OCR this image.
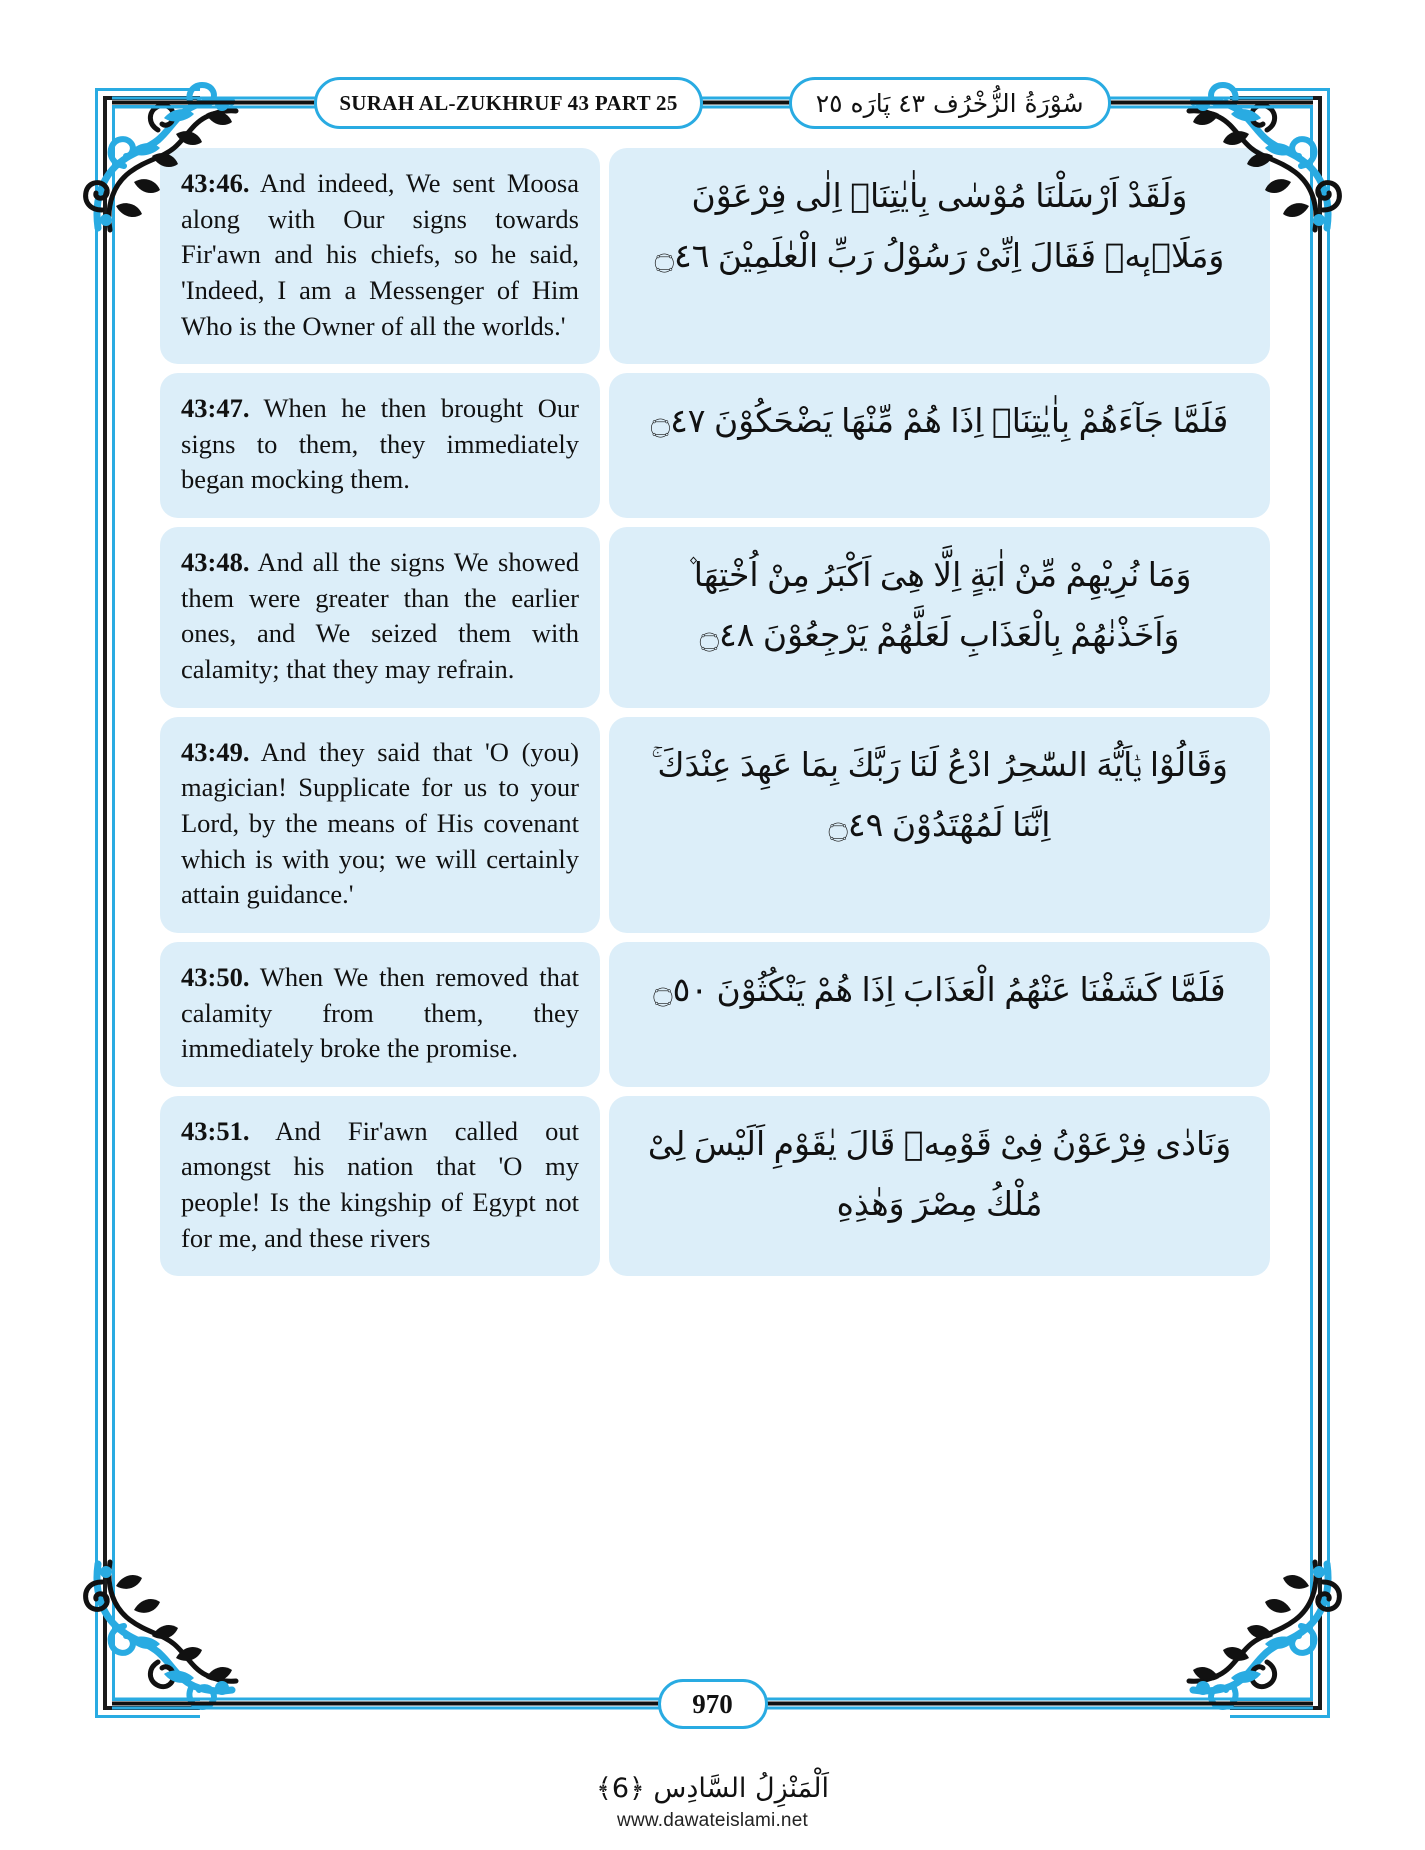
SURAH AL-ZUKHRUF 43 PART 25	سُوْرَةُ الزُّخْرُف ٤٣ پَارَه ٢٥
43:46. And indeed, We sent Moosa along with Our signs towards Fir'awn and his chiefs, so he said, 'Indeed, I am a Messenger of Him Who is the Owner of all the worlds.'
وَلَقَدْ اَرْسَلْنَا مُوْسٰى بِاٰيٰتِنَاۤ اِلٰى فِرْعَوْنَ وَمَلَا۠ىٕهٖ فَقَالَ اِنِّیْ رَسُوْلُ رَبِّ الْعٰلَمِیْنَ ۝٤٦
43:47. When he then brought Our signs to them, they immediately began mocking them.
فَلَمَّا جَآءَهُمْ بِاٰيٰتِنَاۤ اِذَا هُمْ مِّنْهَا يَضْحَكُوْنَ ۝٤٧
43:48. And all the signs We showed them were greater than the earlier ones, and We seized them with calamity; that they may refrain.
وَمَا نُرِيْهِمْ مِّنْ اٰيَةٍ اِلَّا هِیَ اَكْبَرُ مِنْ اُخْتِهَا ۫ وَاَخَذْنٰهُمْ بِالْعَذَابِ لَعَلَّهُمْ يَرْجِعُوْنَ ۝٤٨
43:49. And they said that 'O (you) magician! Supplicate for us to your Lord, by the means of His covenant which is with you; we will certainly attain guidance.'
وَقَالُوْا يٰۤاَيُّهَ السّٰحِرُ ادْعُ لَنَا رَبَّكَ بِمَا عَهِدَ عِنْدَكَ ۚ اِنَّنَا لَمُهْتَدُوْنَ ۝٤٩
43:50. When We then removed that calamity from them, they immediately broke the promise.
فَلَمَّا كَشَفْنَا عَنْهُمُ الْعَذَابَ اِذَا هُمْ يَنْكُثُوْنَ ۝٥٠
43:51. And Fir'awn called out amongst his nation that 'O my people! Is the kingship of Egypt not for me, and these rivers
وَنَادٰى فِرْعَوْنُ فِیْ قَوْمِهٖ قَالَ يٰقَوْمِ اَلَيْسَ لِیْ مُلْكُ مِصْرَ وَهٰذِهِ
970
اَلْمَنْزِلُ السَّادِس ﴿6﴾
www.dawateislami.net
